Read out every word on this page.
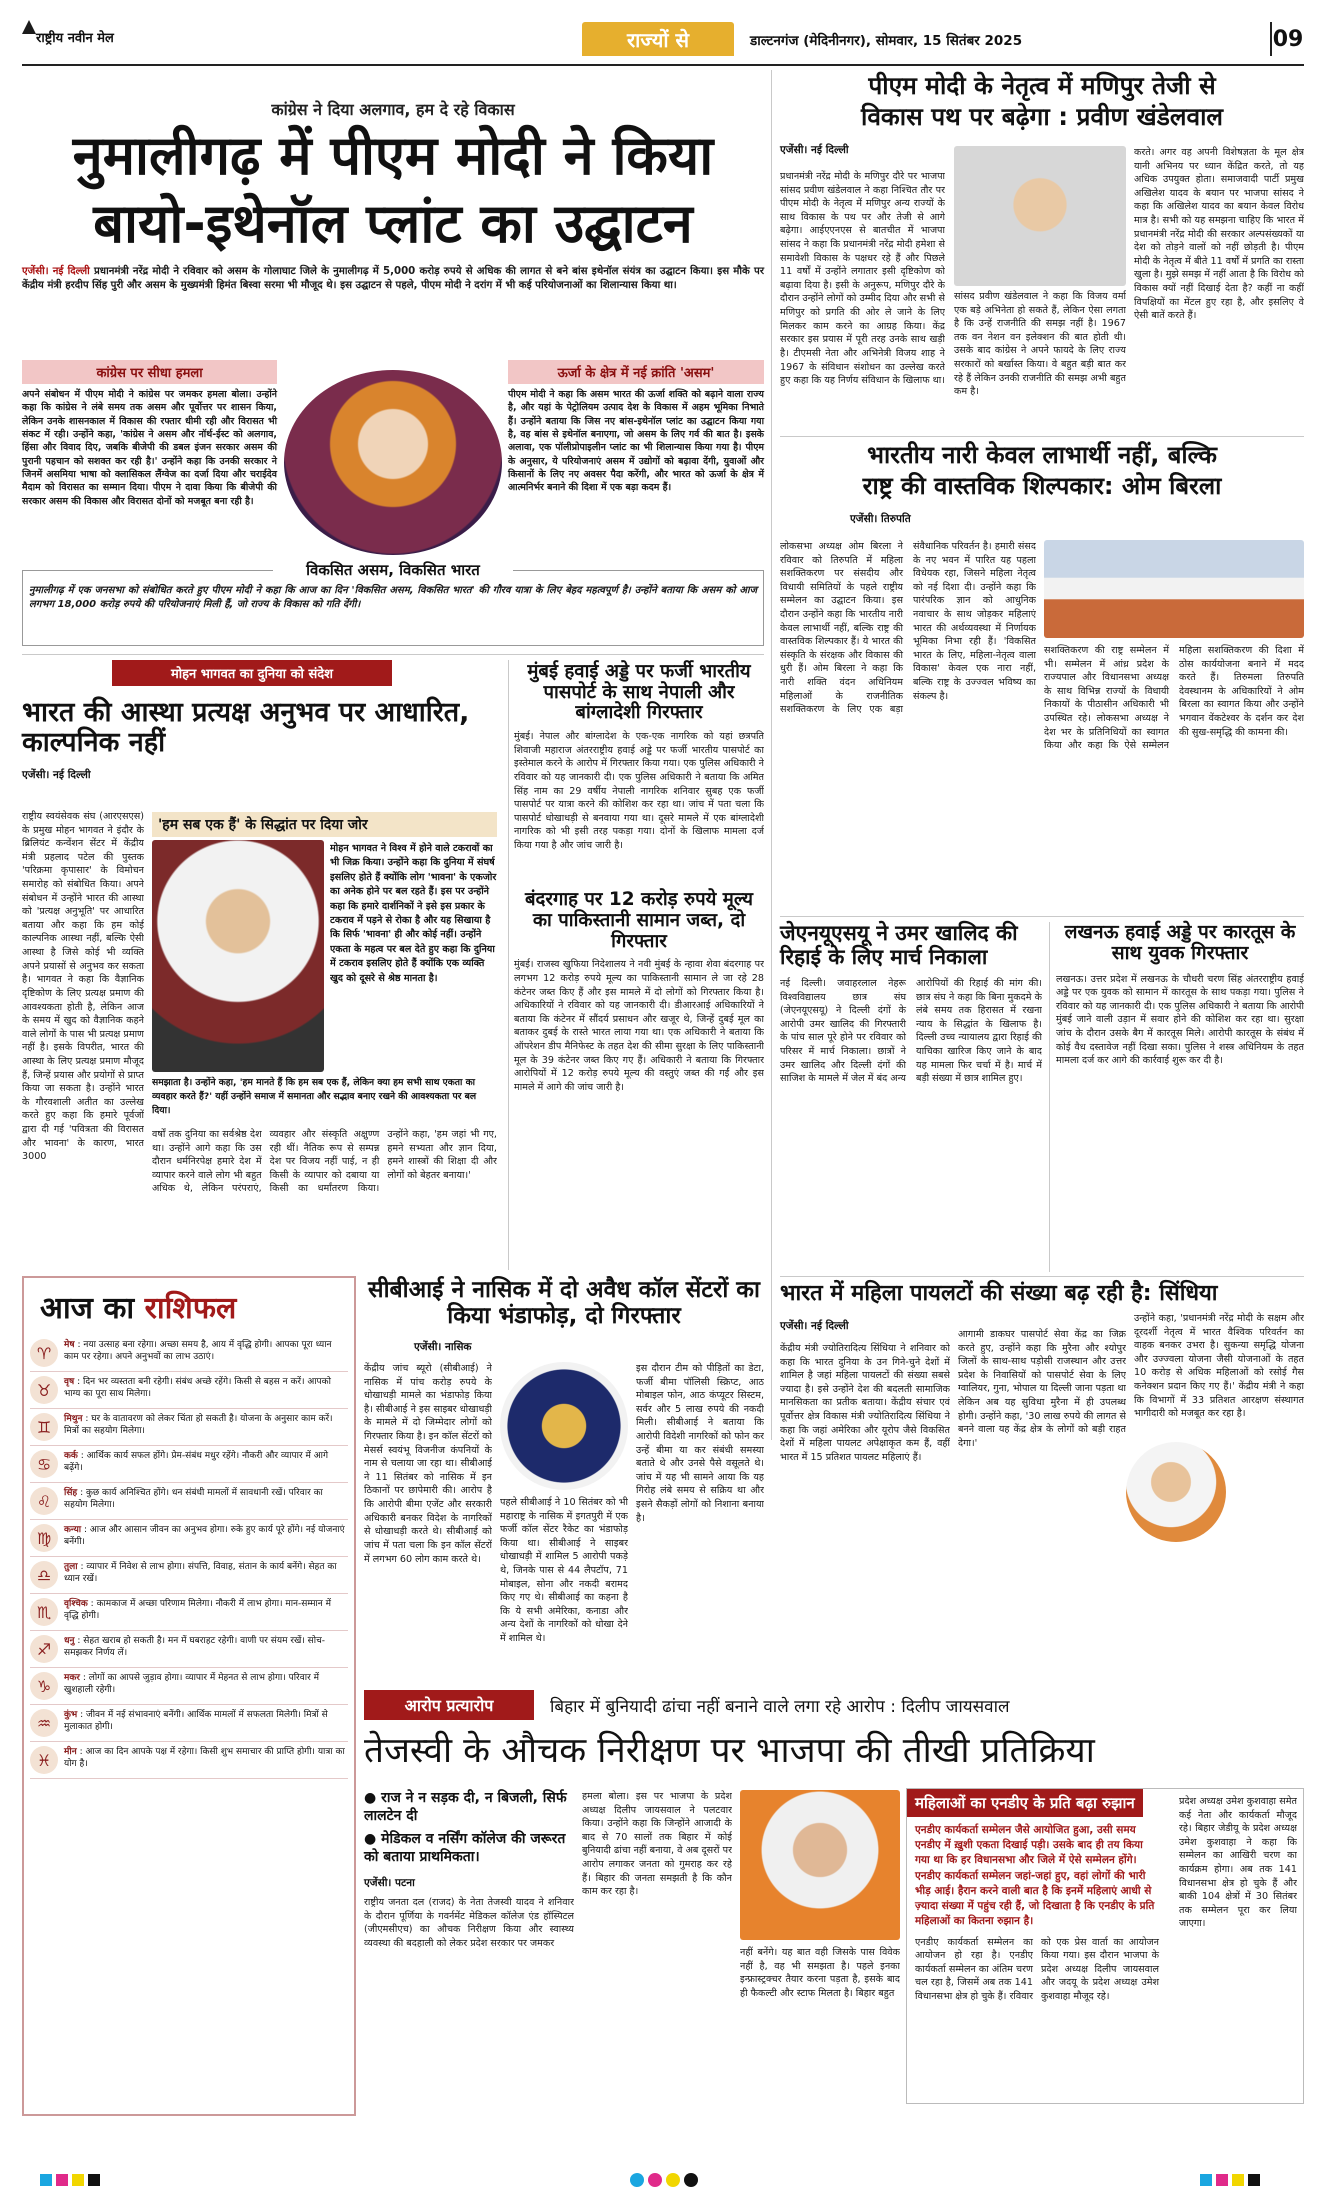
राष्ट्रीय नवीन मेल	राज्यों से	डाल्टनगंज (मेदिनीनगर), सोमवार, 15 सितंबर 2025	09
कांग्रेस ने दिया अलगाव, हम दे रहे विकास
नुमालीगढ़ में पीएम मोदी ने किया
बायो-इथेनॉल प्लांट का उद्घाटन
एजेंसी। नई दिल्ली प्रधानमंत्री नरेंद्र मोदी ने रविवार को असम के गोलाघाट जिले के नुमालीगढ़ में 5,000 करोड़ रुपये से अधिक की लागत से बने बांस इथेनॉल संयंत्र का उद्घाटन किया। इस मौके पर केंद्रीय मंत्री हरदीप सिंह पुरी और असम के मुख्यमंत्री हिमंत बिस्वा सरमा भी मौजूद थे। इस उद्घाटन से पहले, पीएम मोदी ने दरांग में भी कई परियोजनाओं का शिलान्यास किया था।
कांग्रेस पर सीधा हमला
अपने संबोधन में पीएम मोदी ने कांग्रेस पर जमकर हमला बोला। उन्होंने कहा कि कांग्रेस ने लंबे समय तक असम और पूर्वोत्तर पर शासन किया, लेकिन उनके शासनकाल में विकास की रफ्तार धीमी रही और विरासत भी संकट में रही। उन्होंने कहा, 'कांग्रेस ने असम और नॉर्थ-ईस्ट को अलगाव, हिंसा और विवाद दिए, जबकि बीजेपी की डबल इंजन सरकार असम की पुरानी पहचान को सशक्त कर रही है।' उन्होंने कहा कि उनकी सरकार ने जिनमें असमिया भाषा को क्लासिकल लैंग्वेज का दर्जा दिया और चराईदेव मैदाम को विरासत का सम्मान दिया। पीएम ने दावा किया कि बीजेपी की सरकार असम की विकास और विरासत दोनों को मजबूत बना रही है।
ऊर्जा के क्षेत्र में नई क्रांति 'असम'
पीएम मोदी ने कहा कि असम भारत की ऊर्जा शक्ति को बढ़ाने वाला राज्य है, और यहां के पेट्रोलियम उत्पाद देश के विकास में अहम भूमिका निभाते हैं। उन्होंने बताया कि जिस नए बांस-इथेनॉल प्लांट का उद्घाटन किया गया है, वह बांस से इथेनॉल बनाएगा, जो असम के लिए गर्व की बात है। इसके अलावा, एक पॉलीप्रोपाइलीन प्लांट का भी शिलान्यास किया गया है। पीएम के अनुसार, ये परियोजनाएं असम में उद्योगों को बढ़ावा देंगी, युवाओं और किसानों के लिए नए अवसर पैदा करेंगी, और भारत को ऊर्जा के क्षेत्र में आत्मनिर्भर बनाने की दिशा में एक बड़ा कदम हैं।
विकसित असम, विकसित भारत
नुमालीगढ़ में एक जनसभा को संबोधित करते हुए पीएम मोदी ने कहा कि आज का दिन 'विकसित असम, विकसित भारत' की गौरव यात्रा के लिए बेहद महत्वपूर्ण है। उन्होंने बताया कि असम को आज लगभग 18,000 करोड़ रुपये की परियोजनाएं मिली हैं, जो राज्य के विकास को गति देंगी।
पीएम मोदी के नेतृत्व में मणिपुर तेजी से
विकास पथ पर बढ़ेगा : प्रवीण खंडेलवाल
एजेंसी। नई दिल्ली
प्रधानमंत्री नरेंद्र मोदी के मणिपुर दौरे पर भाजपा सांसद प्रवीण खंडेलवाल ने कहा निश्चित तौर पर पीएम मोदी के नेतृत्व में मणिपुर अन्य राज्यों के साथ विकास के पथ पर और तेजी से आगे बढ़ेगा। आईएएनएस से बातचीत में भाजपा सांसद ने कहा कि प्रधानमंत्री नरेंद्र मोदी हमेशा से समावेशी विकास के पक्षधर रहे हैं और पिछले 11 वर्षों में उन्होंने लगातार इसी दृष्टिकोण को बढ़ावा दिया है। इसी के अनुरूप, मणिपुर दौरे के दौरान उन्होंने लोगों को उम्मीद दिया और सभी से मणिपुर को प्रगति की ओर ले जाने के लिए मिलकर काम करने का आग्रह किया। केंद्र सरकार इस प्रयास में पूरी तरह उनके साथ खड़ी है। टीएमसी नेता और अभिनेत्री विजय शाह ने 1967 के संविधान संशोधन का उल्लेख करते हुए कहा कि यह निर्णय संविधान के खिलाफ था।
सांसद प्रवीण खंडेलवाल ने कहा कि विजय वर्मा एक बड़े अभिनेता हो सकते हैं, लेकिन ऐसा लगता है कि उन्हें राजनीति की समझ नहीं है। 1967 तक वन नेशन वन इलेक्शन की बात होती थी। उसके बाद कांग्रेस ने अपने फायदे के लिए राज्य सरकारों को बर्खास्त किया। वे बहुत बड़ी बात कर रहे हैं लेकिन उनकी राजनीति की समझ अभी बहुत कम है।
करते। अगर वह अपनी विशेषज्ञता के मूल क्षेत्र यानी अभिनय पर ध्यान केंद्रित करते, तो यह अधिक उपयुक्त होता। समाजवादी पार्टी प्रमुख अखिलेश यादव के बयान पर भाजपा सांसद ने कहा कि अखिलेश यादव का बयान केवल विरोध मात्र है। सभी को यह समझना चाहिए कि भारत में प्रधानमंत्री नरेंद्र मोदी की सरकार अल्पसंख्यकों या देश को तोड़ने वालों को नहीं छोड़ती है। पीएम मोदी के नेतृत्व में बीते 11 वर्षों में प्रगति का रास्ता खुला है। मुझे समझ में नहीं आता है कि विरोध को विकास क्यों नहीं दिखाई देता है? कहीं ना कहीं विपक्षियों का मेंटल हुए रहा है, और इसलिए वे ऐसी बातें करते हैं।
भारतीय नारी केवल लाभार्थी नहीं, बल्कि
राष्ट्र की वास्तविक शिल्पकार: ओम बिरला
एजेंसी। तिरुपति
लोकसभा अध्यक्ष ओम बिरला ने रविवार को तिरुपति में महिला सशक्तिकरण पर संसदीय और विधायी समितियों के पहले राष्ट्रीय सम्मेलन का उद्घाटन किया। इस दौरान उन्होंने कहा कि भारतीय नारी केवल लाभार्थी नहीं, बल्कि राष्ट्र की वास्तविक शिल्पकार हैं। ये भारत की संस्कृति के संरक्षक और विकास की धुरी हैं। ओम बिरला ने कहा कि नारी शक्ति वंदन अधिनियम महिलाओं के राजनीतिक सशक्तिकरण के लिए एक बड़ा संवैधानिक परिवर्तन है। हमारी संसद के नए भवन में पारित यह पहला विधेयक रहा, जिसने महिला नेतृत्व को नई दिशा दी। उन्होंने कहा कि पारंपरिक ज्ञान को आधुनिक नवाचार के साथ जोड़कर महिलाएं भारत की अर्थव्यवस्था में निर्णायक भूमिका निभा रही हैं। 'विकसित भारत के लिए, महिला-नेतृत्व वाला विकास' केवल एक नारा नहीं, बल्कि राष्ट्र के उज्ज्वल भविष्य का संकल्प है।
सशक्तिकरण की राष्ट्र सम्मेलन में भी। सम्मेलन में आंध्र प्रदेश के राज्यपाल और विधानसभा अध्यक्ष के साथ विभिन्न राज्यों के विधायी निकायों के पीठासीन अधिकारी भी उपस्थित रहे। लोकसभा अध्यक्ष ने देश भर के प्रतिनिधियों का स्वागत किया और कहा कि ऐसे सम्मेलन महिला सशक्तिकरण की दिशा में ठोस कार्ययोजना बनाने में मदद करते हैं। तिरुमला तिरुपति देवस्थानम के अधिकारियों ने ओम बिरला का स्वागत किया और उन्होंने भगवान वेंकटेश्वर के दर्शन कर देश की सुख-समृद्धि की कामना की।
जेएनयूएसयू ने उमर खालिद की रिहाई के लिए मार्च निकाला
नई दिल्ली। जवाहरलाल नेहरू विश्वविद्यालय छात्र संघ (जेएनयूएसयू) ने दिल्ली दंगों के आरोपी उमर खालिद की गिरफ्तारी के पांच साल पूरे होने पर रविवार को परिसर में मार्च निकाला। छात्रों ने उमर खालिद और दिल्ली दंगों की साजिश के मामले में जेल में बंद अन्य आरोपियों की रिहाई की मांग की। छात्र संघ ने कहा कि बिना मुकदमे के लंबे समय तक हिरासत में रखना न्याय के सिद्धांत के खिलाफ है। दिल्ली उच्च न्यायालय द्वारा रिहाई की याचिका खारिज किए जाने के बाद यह मामला फिर चर्चा में है। मार्च में बड़ी संख्या में छात्र शामिल हुए।
लखनऊ हवाई अड्डे पर कारतूस के साथ युवक गिरफ्तार
लखनऊ। उत्तर प्रदेश में लखनऊ के चौधरी चरण सिंह अंतरराष्ट्रीय हवाई अड्डे पर एक युवक को सामान में कारतूस के साथ पकड़ा गया। पुलिस ने रविवार को यह जानकारी दी। एक पुलिस अधिकारी ने बताया कि आरोपी मुंबई जाने वाली उड़ान में सवार होने की कोशिश कर रहा था। सुरक्षा जांच के दौरान उसके बैग में कारतूस मिले। आरोपी कारतूस के संबंध में कोई वैध दस्तावेज नहीं दिखा सका। पुलिस ने शस्त्र अधिनियम के तहत मामला दर्ज कर आगे की कार्रवाई शुरू कर दी है।
भारत में महिला पायलटों की संख्या बढ़ रही है: सिंधिया
एजेंसी। नई दिल्ली
केंद्रीय मंत्री ज्योतिरादित्य सिंधिया ने शनिवार को कहा कि भारत दुनिया के उन गिने-चुने देशों में शामिल है जहां महिला पायलटों की संख्या सबसे ज्यादा है। इसे उन्होंने देश की बदलती सामाजिक मानसिकता का प्रतीक बताया। केंद्रीय संचार एवं पूर्वोत्तर क्षेत्र विकास मंत्री ज्योतिरादित्य सिंधिया ने कहा कि जहां अमेरिका और यूरोप जैसे विकसित देशों में महिला पायलट अपेक्षाकृत कम हैं, वहीं भारत में 15 प्रतिशत पायलट महिलाएं हैं।
आगामी डाकघर पासपोर्ट सेवा केंद्र का जिक्र करते हुए, उन्होंने कहा कि मुरैना और श्योपुर जिलों के साथ-साथ पड़ोसी राजस्थान और उत्तर प्रदेश के निवासियों को पासपोर्ट सेवा के लिए ग्वालियर, गुना, भोपाल या दिल्ली जाना पड़ता था लेकिन अब यह सुविधा मुरैना में ही उपलब्ध होगी। उन्होंने कहा, '30 लाख रुपये की लागत से बनने वाला यह केंद्र क्षेत्र के लोगों को बड़ी राहत देगा।'
उन्होंने कहा, 'प्रधानमंत्री नरेंद्र मोदी के सक्षम और दूरदर्शी नेतृत्व में भारत वैश्विक परिवर्तन का वाहक बनकर उभरा है। सुकन्या समृद्धि योजना और उज्ज्वला योजना जैसी योजनाओं के तहत 10 करोड़ से अधिक महिलाओं को रसोई गैस कनेक्शन प्रदान किए गए हैं।' केंद्रीय मंत्री ने कहा कि विभागों में 33 प्रतिशत आरक्षण संस्थागत भागीदारी को मजबूत कर रहा है।
मोहन भागवत का दुनिया को संदेश
भारत की आस्था प्रत्यक्ष अनुभव पर आधारित, काल्पनिक नहीं
एजेंसी। नई दिल्ली
राष्ट्रीय स्वयंसेवक संघ (आरएसएस) के प्रमुख मोहन भागवत ने इंदौर के ब्रिलियंट कन्वेंशन सेंटर में केंद्रीय मंत्री प्रहलाद पटेल की पुस्तक 'परिक्रमा कृपासार' के विमोचन समारोह को संबोधित किया। अपने संबोधन में उन्होंने भारत की आस्था को 'प्रत्यक्ष अनुभूति' पर आधारित बताया और कहा कि हम कोई काल्पनिक आस्था नहीं, बल्कि ऐसी आस्था है जिसे कोई भी व्यक्ति अपने प्रयासों से अनुभव कर सकता है। भागवत ने कहा कि वैज्ञानिक दृष्टिकोण के लिए प्रत्यक्ष प्रमाण की आवश्यकता होती है, लेकिन आज के समय में खुद को वैज्ञानिक कहने वाले लोगों के पास भी प्रत्यक्ष प्रमाण नहीं है। इसके विपरीत, भारत की आस्था के लिए प्रत्यक्ष प्रमाण मौजूद हैं, जिन्हें प्रयास और प्रयोगों से प्राप्त किया जा सकता है। उन्होंने भारत के गौरवशाली अतीत का उल्लेख करते हुए कहा कि हमारे पूर्वजों द्वारा दी गई 'पवित्रता की विरासत और भावना' के कारण, भारत 3000
'हम सब एक हैं' के सिद्धांत पर दिया जोर
मोहन भागवत ने विश्व में होने वाले टकरावों का भी जिक्र किया। उन्होंने कहा कि दुनिया में संघर्ष इसलिए होते हैं क्योंकि लोग 'भावना' के एकजोर का अनेक होने पर बल रहते हैं। इस पर उन्होंने कहा कि हमारे दार्शनिकों ने इसे इस प्रकार के टकराव में पड़ने से रोका है और यह सिखाया है कि सिर्फ 'भावना' ही और कोई नहीं। उन्होंने एकता के महत्व पर बल देते हुए कहा कि दुनिया में टकराव इसलिए होते हैं क्योंकि एक व्यक्ति खुद को दूसरे से श्रेष्ठ मानता है।
समझाता है। उन्होंने कहा, 'हम मानते हैं कि हम सब एक हैं, लेकिन क्या हम सभी साथ एकता का व्यवहार करते हैं?' यहीं उन्होंने समाज में समानता और सद्भाव बनाए रखने की आवश्यकता पर बल दिया।
वर्षों तक दुनिया का सर्वश्रेष्ठ देश था। उन्होंने आगे कहा कि उस दौरान धर्मनिरपेक्ष हमारे देश में व्यापार करने वाले लोग भी बहुत अधिक थे, लेकिन परंपराएं, व्यवहार और संस्कृति अक्षुण्ण रही थीं। नैतिक रूप से सम्पन्न देश पर विजय नहीं पाई, न ही किसी के व्यापार को दबाया या किसी का धर्मांतरण किया। उन्होंने कहा, 'हम जहां भी गए, हमने सभ्यता और ज्ञान दिया, हमने शास्त्रों की शिक्षा दी और लोगों को बेहतर बनाया।'
मुंबई हवाई अड्डे पर फर्जी भारतीय पासपोर्ट के साथ नेपाली और बांग्लादेशी गिरफ्तार
मुंबई। नेपाल और बांग्लादेश के एक-एक नागरिक को यहां छत्रपति शिवाजी महाराज अंतरराष्ट्रीय हवाई अड्डे पर फर्जी भारतीय पासपोर्ट का इस्तेमाल करने के आरोप में गिरफ्तार किया गया। एक पुलिस अधिकारी ने रविवार को यह जानकारी दी। एक पुलिस अधिकारी ने बताया कि अमित सिंह नाम का 29 वर्षीय नेपाली नागरिक शनिवार सुबह एक फर्जी पासपोर्ट पर यात्रा करने की कोशिश कर रहा था। जांच में पता चला कि पासपोर्ट धोखाधड़ी से बनवाया गया था। दूसरे मामले में एक बांग्लादेशी नागरिक को भी इसी तरह पकड़ा गया। दोनों के खिलाफ मामला दर्ज किया गया है और जांच जारी है।
बंदरगाह पर 12 करोड़ रुपये मूल्य का पाकिस्तानी सामान जब्त, दो गिरफ्तार
मुंबई। राजस्व खुफिया निदेशालय ने नवी मुंबई के न्हावा शेवा बंदरगाह पर लगभग 12 करोड़ रुपये मूल्य का पाकिस्तानी सामान ले जा रहे 28 कंटेनर जब्त किए हैं और इस मामले में दो लोगों को गिरफ्तार किया है। अधिकारियों ने रविवार को यह जानकारी दी। डीआरआई अधिकारियों ने बताया कि कंटेनर में सौंदर्य प्रसाधन और खजूर थे, जिन्हें दुबई मूल का बताकर दुबई के रास्ते भारत लाया गया था। एक अधिकारी ने बताया कि ऑपरेशन डीप मैनिफेस्ट के तहत देश की सीमा सुरक्षा के लिए पाकिस्तानी मूल के 39 कंटेनर जब्त किए गए हैं। अधिकारी ने बताया कि गिरफ्तार आरोपियों में 12 करोड़ रुपये मूल्य की वस्तुएं जब्त की गईं और इस मामले में आगे की जांच जारी है।
आज का राशिफल
♈	मेष : नया उत्साह बना रहेगा। अच्छा समय है, आय में वृद्धि होगी। आपका पूरा ध्यान काम पर रहेगा। अपने अनुभवों का लाभ उठाएं।
♉	वृष : दिन भर व्यस्तता बनी रहेगी। संबंध अच्छे रहेंगे। किसी से बहस न करें। आपको भाग्य का पूरा साथ मिलेगा।
♊	मिथुन : घर के वातावरण को लेकर चिंता हो सकती है। योजना के अनुसार काम करें। मित्रों का सहयोग मिलेगा।
♋	कर्क : आर्थिक कार्य सफल होंगे। प्रेम-संबंध मधुर रहेंगे। नौकरी और व्यापार में आगे बढ़ेंगे।
♌	सिंह : कुछ कार्य अनिश्चित होंगे। धन संबंधी मामलों में सावधानी रखें। परिवार का सहयोग मिलेगा।
♍	कन्या : आज और आसान जीवन का अनुभव होगा। रुके हुए कार्य पूरे होंगे। नई योजनाएं बनेंगी।
♎	तुला : व्यापार में निवेश से लाभ होगा। संपत्ति, विवाह, संतान के कार्य बनेंगे। सेहत का ध्यान रखें।
♏	वृश्चिक : कामकाज में अच्छा परिणाम मिलेगा। नौकरी में लाभ होगा। मान-सम्मान में वृद्धि होगी।
♐	धनु : सेहत खराब हो सकती है। मन में घबराहट रहेगी। वाणी पर संयम रखें। सोच-समझकर निर्णय लें।
♑	मकर : लोगों का आपसे जुड़ाव होगा। व्यापार में मेहनत से लाभ होगा। परिवार में खुशहाली रहेगी।
♒	कुंभ : जीवन में नई संभावनाएं बनेंगी। आर्थिक मामलों में सफलता मिलेगी। मित्रों से मुलाकात होगी।
♓	मीन : आज का दिन आपके पक्ष में रहेगा। किसी शुभ समाचार की प्राप्ति होगी। यात्रा का योग है।
सीबीआई ने नासिक में दो अवैध कॉल सेंटरों का किया भंडाफोड़, दो गिरफ्तार
एजेंसी। नासिक
केंद्रीय जांच ब्यूरो (सीबीआई) ने नासिक में पांच करोड़ रुपये के धोखाधड़ी मामले का भंडाफोड़ किया है। सीबीआई ने इस साइबर धोखाधड़ी के मामले में दो जिम्मेदार लोगों को गिरफ्तार किया है। इन कॉल सेंटरों को मेसर्स स्वयंभू विजनीज कंपनियों के नाम से चलाया जा रहा था। सीबीआई ने 11 सितंबर को नासिक में इन ठिकानों पर छापेमारी की। आरोप है कि आरोपी बीमा एजेंट और सरकारी अधिकारी बनकर विदेश के नागरिकों से धोखाधड़ी करते थे। सीबीआई को जांच में पता चला कि इन कॉल सेंटरों में लगभग 60 लोग काम करते थे।
पहले सीबीआई ने 10 सितंबर को भी महाराष्ट्र के नासिक में इगतपुरी में एक फर्जी कॉल सेंटर रैकेट का भंडाफोड़ किया था। सीबीआई ने साइबर धोखाधड़ी में शामिल 5 आरोपी पकड़े थे, जिनके पास से 44 लैपटॉप, 71 मोबाइल, सोना और नकदी बरामद किए गए थे। सीबीआई का कहना है कि ये सभी अमेरिका, कनाडा और अन्य देशों के नागरिकों को धोखा देने में शामिल थे।
इस दौरान टीम को पीड़ितों का डेटा, फर्जी बीमा पॉलिसी स्क्रिप्ट, आठ मोबाइल फोन, आठ कंप्यूटर सिस्टम, सर्वर और 5 लाख रुपये की नकदी मिली। सीबीआई ने बताया कि आरोपी विदेशी नागरिकों को फोन कर उन्हें बीमा या कर संबंधी समस्या बताते थे और उनसे पैसे वसूलते थे। जांच में यह भी सामने आया कि यह गिरोह लंबे समय से सक्रिय था और इसने सैकड़ों लोगों को निशाना बनाया है।
आरोप प्रत्यारोप	बिहार में बुनियादी ढांचा नहीं बनाने वाले लगा रहे आरोप : दिलीप जायसवाल
तेजस्वी के औचक निरीक्षण पर भाजपा की तीखी प्रतिक्रिया
● राज ने न सड़क दी, न बिजली, सिर्फ लालटेन दी
● मेडिकल व नर्सिंग कॉलेज की जरूरत को बताया प्राथमिकता।
एजेंसी। पटना
राष्ट्रीय जनता दल (राजद) के नेता तेजस्वी यादव ने शनिवार के दौरान पूर्णिया के गवर्नमेंट मेडिकल कॉलेज एंड हॉस्पिटल (जीएमसीएच) का औचक निरीक्षण किया और स्वास्थ्य व्यवस्था की बदहाली को लेकर प्रदेश सरकार पर जमकर
हमला बोला। इस पर भाजपा के प्रदेश अध्यक्ष दिलीप जायसवाल ने पलटवार किया। उन्होंने कहा कि जिन्होंने आजादी के बाद से 70 सालों तक बिहार में कोई बुनियादी ढांचा नहीं बनाया, वे अब दूसरों पर आरोप लगाकर जनता को गुमराह कर रहे हैं। बिहार की जनता समझती है कि कौन काम कर रहा है।
नहीं बनेंगे। यह बात वही जिसके पास विवेक नहीं है, वह भी समझता है। पहले इनका इन्फ्रास्ट्रक्चर तैयार करना पड़ता है, इसके बाद ही फैकल्टी और स्टाफ मिलता है। बिहार बहुत
महिलाओं का एनडीए के प्रति बढ़ा रुझान
एनडीए कार्यकर्ता सम्मेलन जैसे आयोजित हुआ, उसी समय एनडीए में ख़ुशी एकता दिखाई पड़ी। उसके बाद ही तय किया गया था कि हर विधानसभा और जिले में ऐसे सम्मेलन होंगे। एनडीए कार्यकर्ता सम्मेलन जहां-जहां हुए, वहां लोगों की भारी भीड़ आई। हैरान करने वाली बात है कि इनमें महिलाएं आधी से ज़्यादा संख्या में पहुंच रही हैं, जो दिखाता है कि एनडीए के प्रति महिलाओं का कितना रुझान है।
एनडीए कार्यकर्ता सम्मेलन का आयोजन हो रहा है। एनडीए कार्यकर्ता सम्मेलन का अंतिम चरण चल रहा है, जिसमें अब तक 141 विधानसभा क्षेत्र हो चुके हैं। रविवार को एक प्रेस वार्ता का आयोजन किया गया। इस दौरान भाजपा के प्रदेश अध्यक्ष दिलीप जायसवाल और जदयू के प्रदेश अध्यक्ष उमेश कुशवाहा मौजूद रहे।
प्रदेश अध्यक्ष उमेश कुशवाहा समेत कई नेता और कार्यकर्ता मौजूद रहे। बिहार जेडीयू के प्रदेश अध्यक्ष उमेश कुशवाहा ने कहा कि सम्मेलन का आखिरी चरण का कार्यक्रम होगा। अब तक 141 विधानसभा क्षेत्र हो चुके हैं और बाकी 104 क्षेत्रों में 30 सितंबर तक सम्मेलन पूरा कर लिया जाएगा।
